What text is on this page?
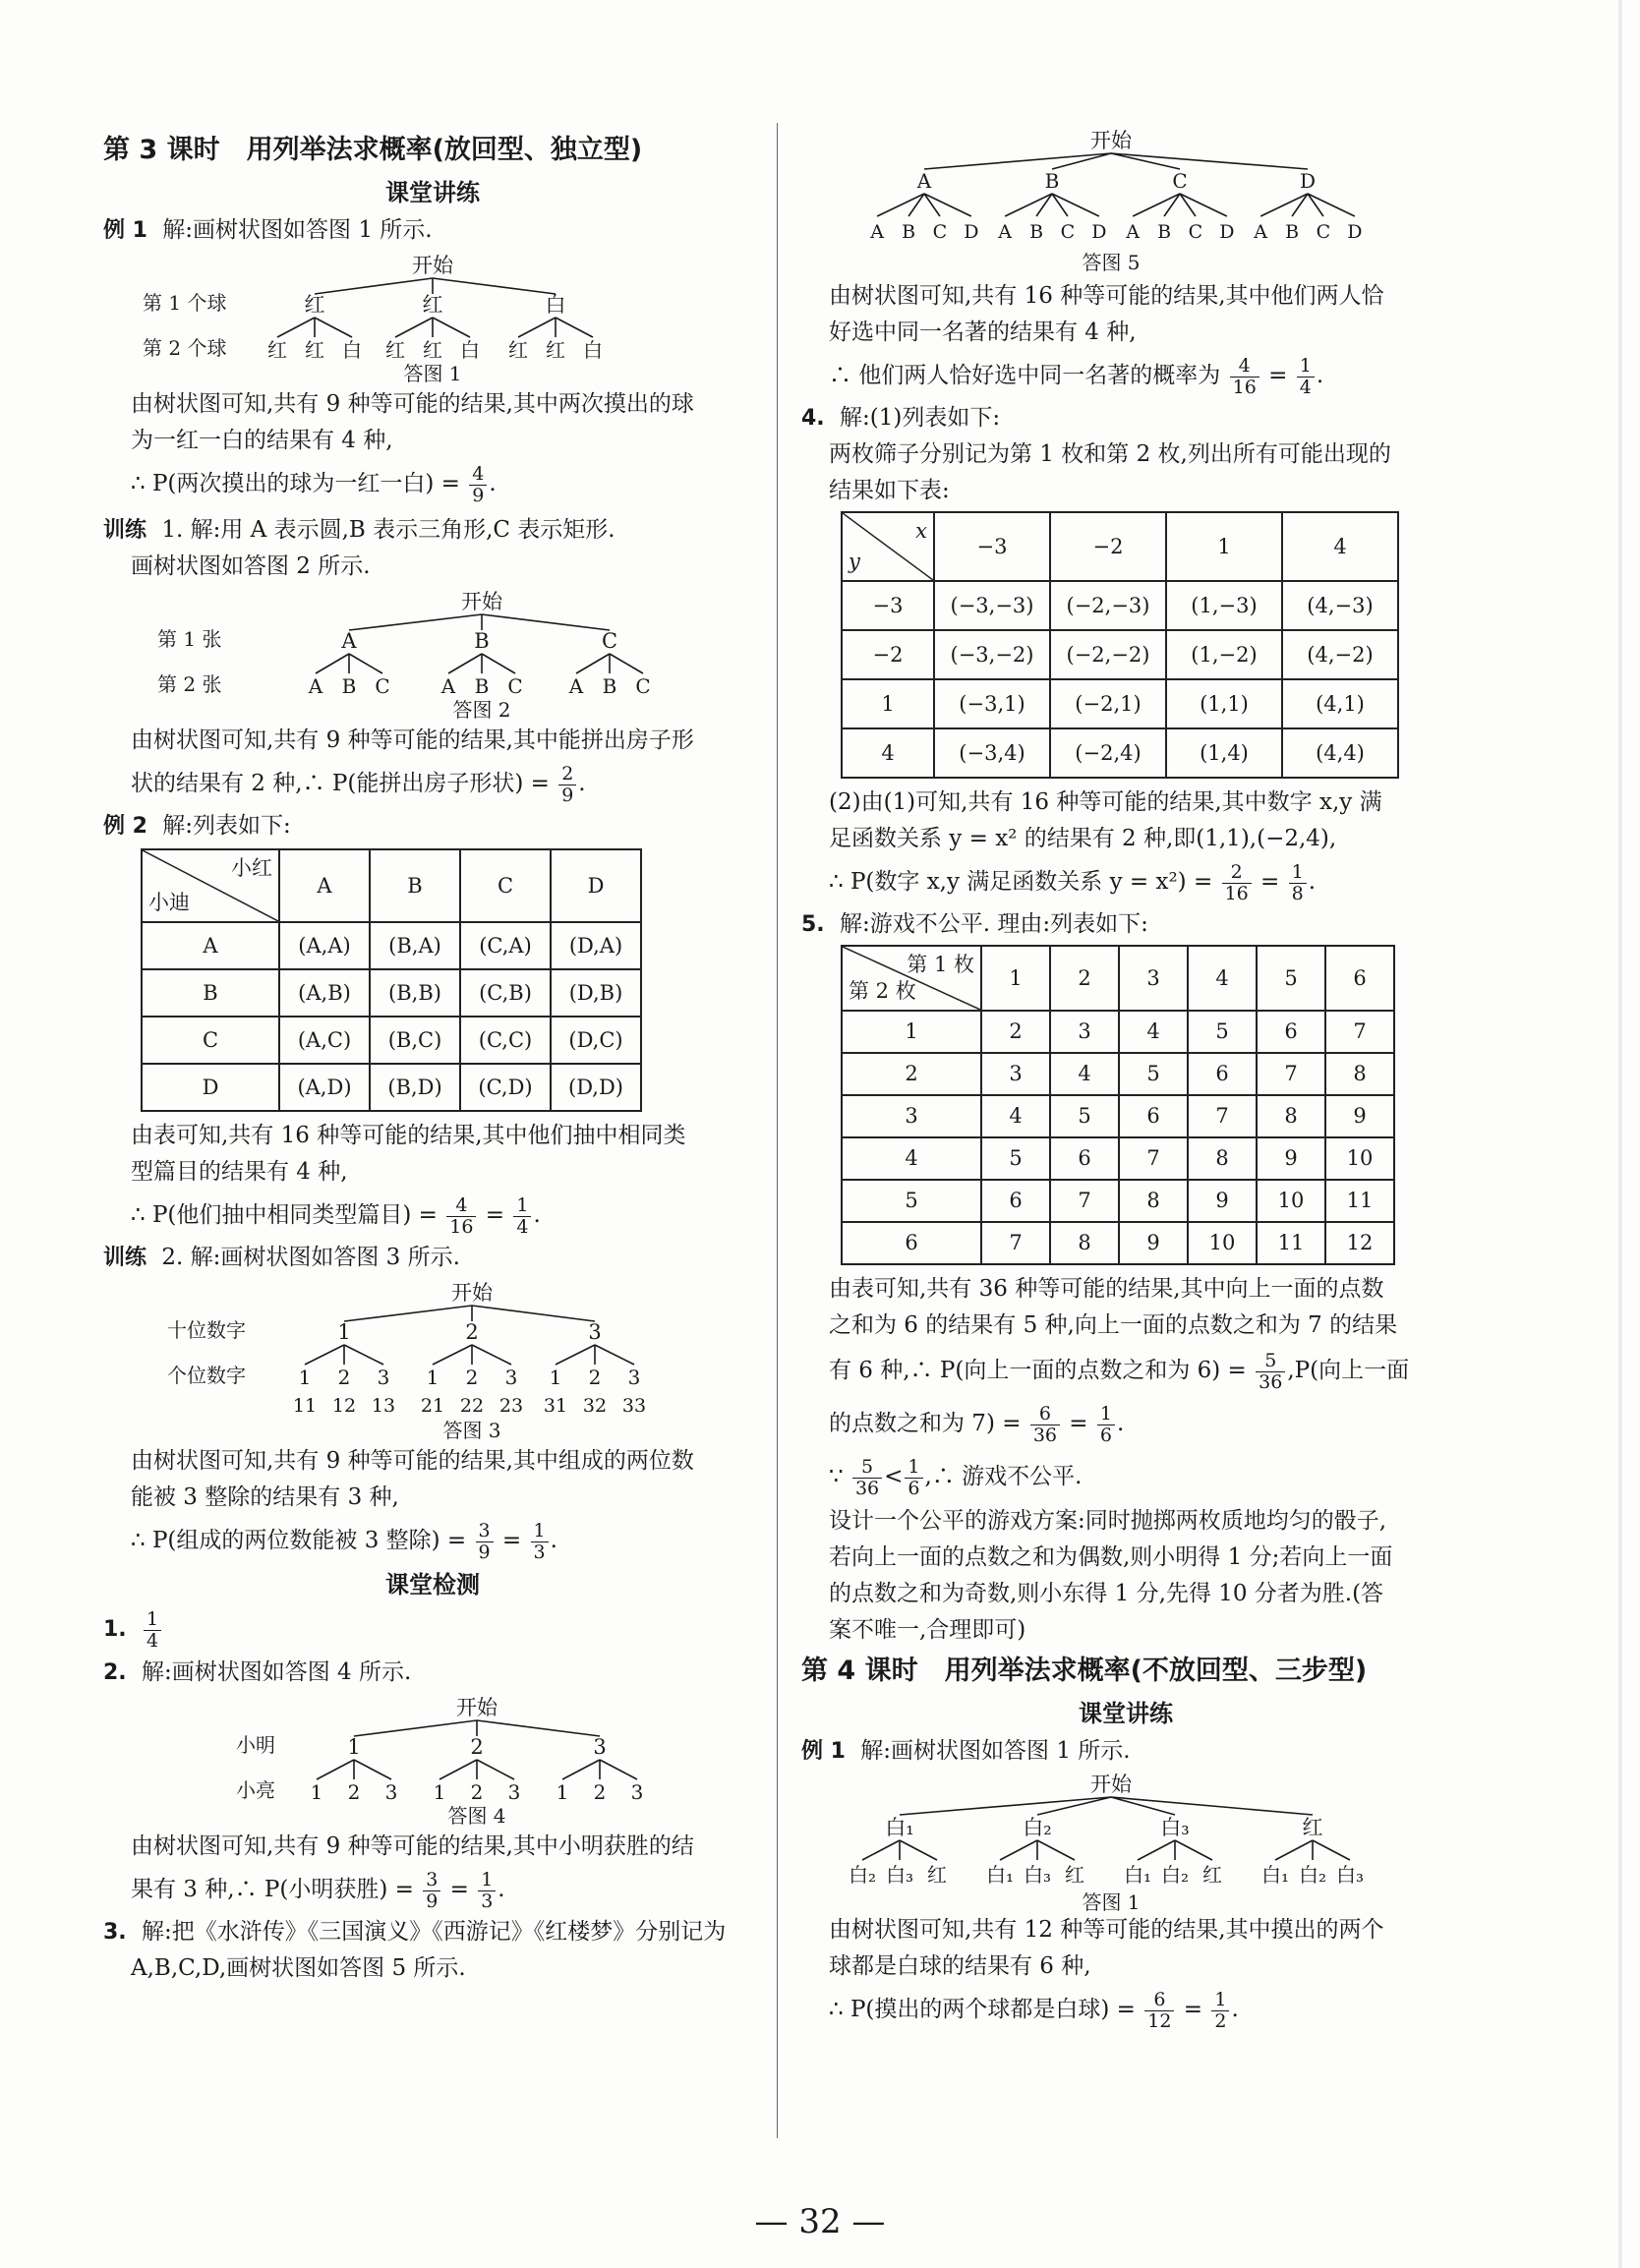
第 3 课时　用列举法求概率(放回型、独立型)
课堂讲练
例 1 解:画树状图如答图 1 所示.
开始
第 1 个球
第 2 个球
红
红 红 白
红
红 红 白
白
红 红 白
答图 1
由树状图可知,共有 9 种等可能的结果,其中两次摸出的球
为一红一白的结果有 4 种,
∴ P(两次摸出的球为一红一白) = $\frac{4}{9}$ .
训练 1. 解:用 A 表示圆,B 表示三角形,C 表示矩形.
画树状图如答图 2 所示.
开始
第 1 张
第 2 张
A
A B C
B
A B C
C
A B C
答图 2
由树状图可知,共有 9 种等可能的结果,其中能拼出房子形
状的结果有 2 种,∴ P(能拼出房子形状) = $\frac{2}{9}$ .
例 2 解:列表如下:
小红
小迪	A	B	C	D
A	(A,A)	(B,A)	(C,A)	(D,A)
B	(A,B)	(B,B)	(C,B)	(D,B)
C	(A,C)	(B,C)	(C,C)	(D,C)
D	(A,D)	(B,D)	(C,D)	(D,D)
由表可知,共有 16 种等可能的结果,其中他们抽中相同类
型篇目的结果有 4 种,
∴ P(他们抽中相同类型篇目) = $\frac{4}{16} = \frac{1}{4}$ .
训练 2. 解:画树状图如答图 3 所示.
开始
十位数字
个位数字
1
1 2 3
2
1 2 3
3
1 2 3
11 12 13 21 22 23 31 32 33
答图 3
由树状图可知,共有 9 种等可能的结果,其中组成的两位数
能被 3 整除的结果有 3 种,
∴ P(组成的两位数能被 3 整除) = $\frac{3}{9} = \frac{1}{3}$ .
课堂检测
1. $\frac{1}{4}$
2. 解:画树状图如答图 4 所示.
开始
小明
小亮
1
1 2 3
2
1 2 3
3
1 2 3
答图 4
由树状图可知,共有 9 种等可能的结果,其中小明获胜的结
果有 3 种,∴ P(小明获胜) = $\frac{3}{9} = \frac{1}{3}$ .
3. 解:把《水浒传》《三国演义》《西游记》《红楼梦》分别记为
A,B,C,D,画树状图如答图 5 所示.
开始
A
A B C D
B
A B C D
C
A B C D
D
A B C D
答图 5
由树状图可知,共有 16 种等可能的结果,其中他们两人恰
好选中同一名著的结果有 4 种,
∴ 他们两人恰好选中同一名著的概率为 $\frac{4}{16} = \frac{1}{4}$ .
4. 解:(1)列表如下:
两枚筛子分别记为第 1 枚和第 2 枚,列出所有可能出现的
结果如下表:
x
y	−3	−2	1	4
−3	(−3,−3)	(−2,−3)	(1,−3)	(4,−3)
−2	(−3,−2)	(−2,−2)	(1,−2)	(4,−2)
1	(−3,1)	(−2,1)	(1,1)	(4,1)
4	(−3,4)	(−2,4)	(1,4)	(4,4)
(2)由(1)可知,共有 16 种等可能的结果,其中数字 x,y 满
足函数关系 y = x² 的结果有 2 种,即(1,1),(−2,4),
∴ P(数字 x,y 满足函数关系 $y = x^2) = \frac{2}{16} = \frac{1}{8}$ .
5. 解:游戏不公平. 理由:列表如下:
第 1 枚
第 2 枚	1	2	3	4	5	6
1	2	3	4	5	6	7
2	3	4	5	6	7	8
3	4	5	6	7	8	9
4	5	6	7	8	9	10
5	6	7	8	9	10	11
6	7	8	9	10	11	12
由表可知,共有 36 种等可能的结果,其中向上一面的点数
之和为 6 的结果有 5 种,向上一面的点数之和为 7 的结果
有 6 种,∴ P(向上一面的点数之和为 $6) = \frac{5}{36} ,P$(向上一面
的点数之和为 $7) = \frac{6}{36} = \frac{1}{6}$ .
∵ $\frac{5}{36} < \frac{1}{6}$ ,∴ 游戏不公平.
设计一个公平的游戏方案:同时抛掷两枚质地均匀的骰子,
若向上一面的点数之和为偶数,则小明得 1 分;若向上一面
的点数之和为奇数,则小东得 1 分,先得 10 分者为胜.(答
案不唯一,合理即可)
第 4 课时　用列举法求概率(不放回型、三步型)
课堂讲练
例 1 解:画树状图如答图 1 所示.
开始
白₁
白₂ 白₃ 红
白₂
白₁ 白₃ 红
白₃
白₁ 白₂ 红
红
白₁ 白₂ 白₃
答图 1
由树状图可知,共有 12 种等可能的结果,其中摸出的两个
球都是白球的结果有 6 种,
∴ P(摸出的两个球都是白球) = $\frac{6}{12} = \frac{1}{2}$ .
— 32 —
